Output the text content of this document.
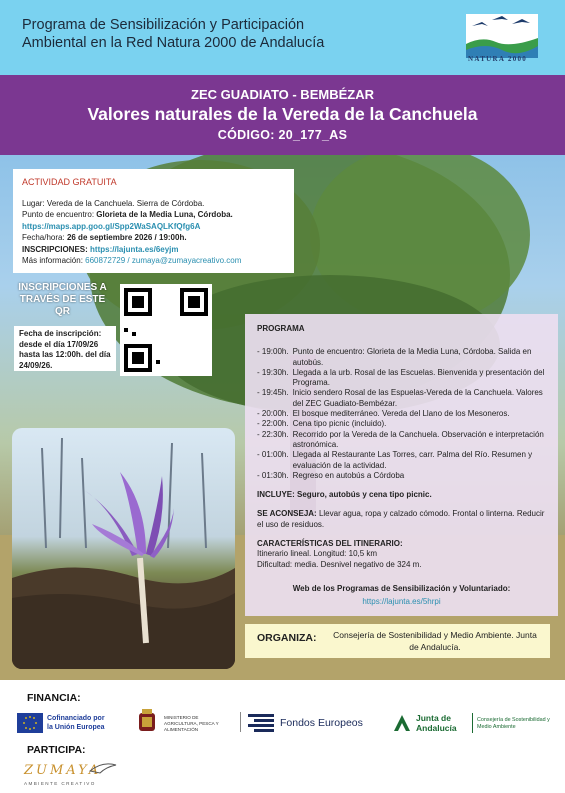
Programa de Sensibilización y Participación Ambiental en la Red Natura 2000 de Andalucía
NATURA 2000
ZEC GUADIATO - BEMBÉZAR
Valores naturales de la Vereda de la Canchuela
CÓDIGO: 20_177_AS
ACTIVIDAD GRATUITA
Lugar: Vereda de la Canchuela. Sierra de Córdoba.
Punto de encuentro: Glorieta de la Media Luna, Córdoba.
https://maps.app.goo.gl/Spp2WaSAQLKfQfg6A
Fecha/hora: 26 de septiembre 2026 / 19:00h.
INSCRIPCIONES: https://lajunta.es/6eyjm
Más información: 660872729 / zumaya@zumayacreativo.com
INSCRIPCIONES A TRAVÉS DE ESTE QR
Fecha de inscripción: desde el día 17/09/26 hasta las 12:00h. del día 24/09/26.
PROGRAMA
- 19:00h. Punto de encuentro: Glorieta de la Media Luna, Córdoba. Salida en autobús.
- 19:30h. Llegada a la urb. Rosal de las Escuelas. Bienvenida y presentación del Programa.
- 19:45h. Inicio sendero Rosal de las Espuelas-Vereda de la Canchuela. Valores del ZEC Guadiato-Bembézar.
- 20:00h. El bosque mediterráneo. Vereda del Llano de los Mesoneros.
- 22:00h. Cena tipo picnic (incluido).
- 22:30h. Recorrido por la Vereda de la Canchuela. Observación e interpretación astronómica.
- 01:00h. Llegada al Restaurante Las Torres, carr. Palma del Río. Resumen y evaluación de la actividad.
- 01:30h. Regreso en autobús a Córdoba
INCLUYE: Seguro, autobús y cena tipo picnic.
SE ACONSEJA: Llevar agua, ropa y calzado cómodo. Frontal o linterna. Reducir el uso de residuos.
CARACTERÍSTICAS DEL ITINERARIO:
Itinerario lineal. Longitud: 10,5 km
Dificultad: media. Desnivel negativo de 324 m.
Web de los Programas de Sensibilización y Voluntariado:
https://lajunta.es/5hrpi
ORGANIZA: Consejería de Sostenibilidad y Medio Ambiente. Junta de Andalucía.
FINANCIA:
Cofinanciado por la Unión Europea
MINISTERIO DE AGRICULTURA, PESCA Y ALIMENTACIÓN
Fondos Europeos	Junta de Andalucía
Consejería de Sostenibilidad y Medio Ambiente
PARTICIPA:
ZUMAYA
AMBIENTE CREATIVO
